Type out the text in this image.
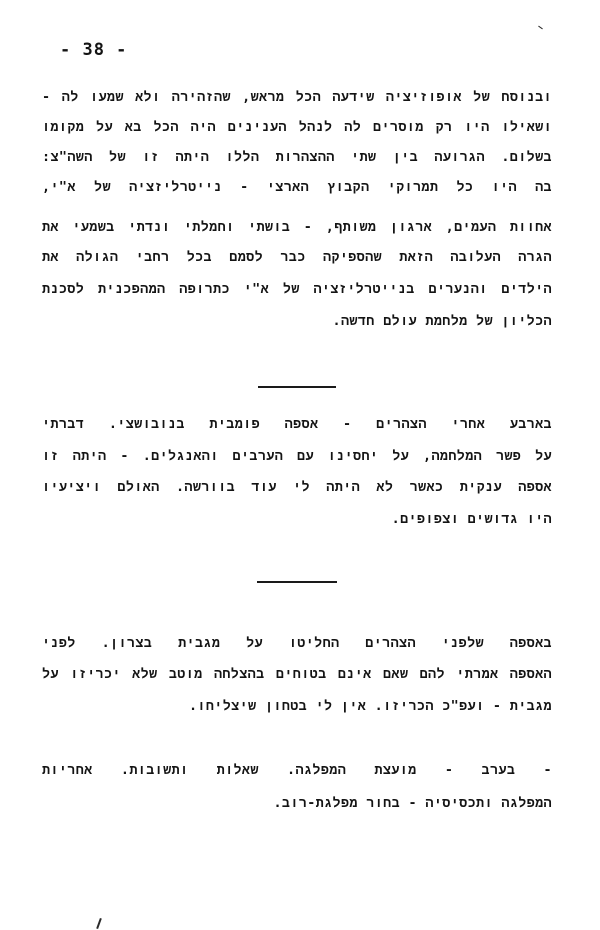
- 38 -
ובנוסח של אופוזיציה שידעה הכל מראש, שהזהירה ולא שמעו לה -
ושאילו היו רק מוסרים לה לנהל הענינים היה הכל בא על מקומו
בשלום. הגרועה בין שתי ההצהרות הללו היתה זו של השה"צ:
בה היו כל תמרוקי הקבוץ הארצי - נייטרליזציה של א"י,
אחוות העמים, ארגון משותף, - בושתי וחמלתי ונדתי בשמעי את
הגרה העלובה הזאת שהספיקה כבר לסמם בכל רחבי הגולה את
הילדים והנערים בנייטרליזציה של א"י כתרופה המהפכנית לסכנת
הכליון של מלחמת עולם חדשה.
בארבע אחרי הצהרים - אספה פומבית בנובושצי. דברתי
על פשר המלחמה, על יחסינו עם הערבים והאנגלים. - היתה זו
אספה ענקית כאשר לא היתה לי עוד בוורשה. האולם ויציעיו
היו גדושים וצפופים.
באספה שלפני הצהרים החליטו על מגבית בצרון. לפני
האספה אמרתי להם שאם אינם בטוחים בהצלחה מוטב שלא יכריזו על
מגבית - ועפ"כ הכריזו. אין לי בטחון שיצליחו.
- בערב - מועצת המפלגה. שאלות ותשובות. אחריות
המפלגה ותכסיסיה - בחור מפלגת-רוב.
